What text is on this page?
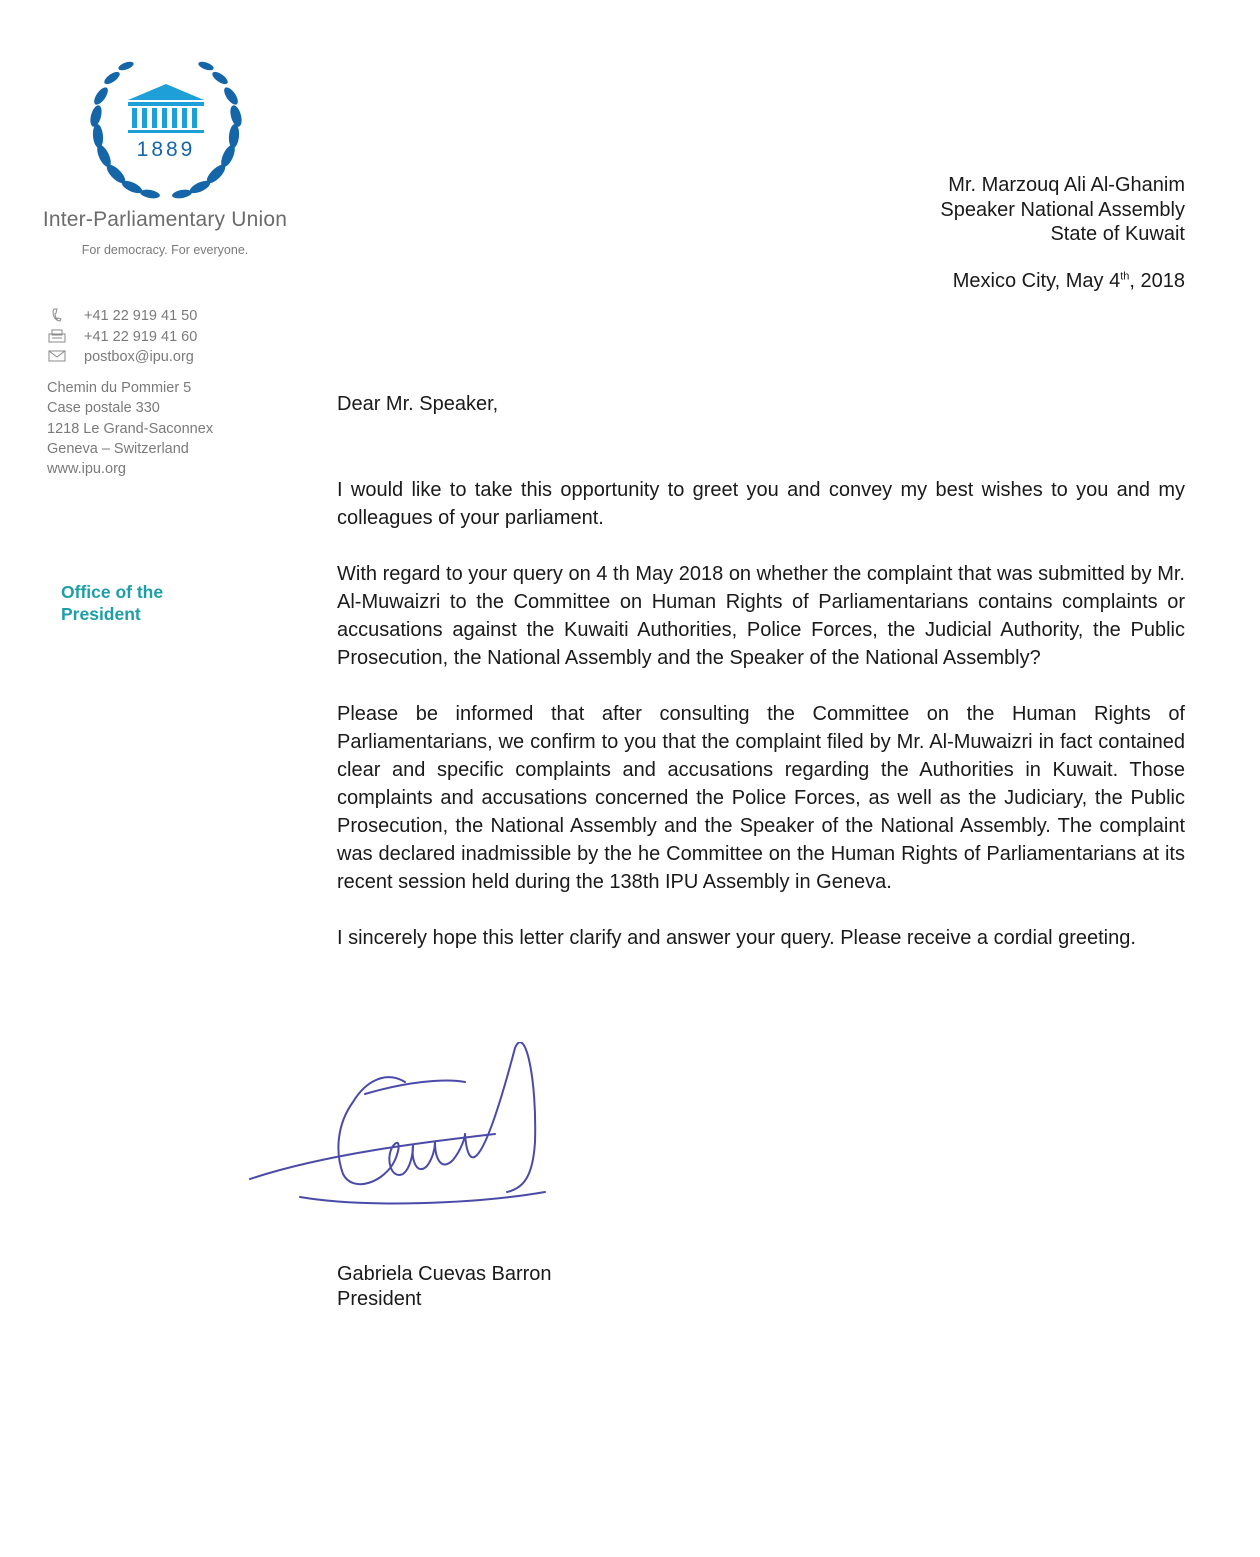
1889
Inter-Parliamentary Union
For democracy. For everyone.
+41 22 919 41 50
+41 22 919 41 60
postbox@ipu.org
Chemin du Pommier 5
Case postale 330
1218 Le Grand-Saconnex
Geneva – Switzerland
www.ipu.org
Office of the
President
Mr. Marzouq Ali Al-Ghanim
Speaker National Assembly
State of Kuwait
Mexico City, May 4th, 2018
Dear Mr. Speaker,

I would like to take this opportunity to greet you and convey my best wishes to you and my colleagues of your parliament.

With regard to your query on 4 th May 2018 on whether the complaint that was submitted by Mr. Al-Muwaizri to the Committee on Human Rights of Parliamentarians contains complaints or accusations against the Kuwaiti Authorities, Police Forces, the Judicial Authority, the Public Prosecution, the National Assembly and the Speaker of the National Assembly?

Please be informed that after consulting the Committee on the Human Rights of Parliamentarians, we confirm to you that the complaint filed by Mr. Al-Muwaizri in fact contained clear and specific complaints and accusations regarding the Authorities in Kuwait. Those complaints and accusations concerned the Police Forces, as well as the Judiciary, the Public Prosecution, the National Assembly and the Speaker of the National Assembly. The complaint was declared inadmissible by the he Committee on the Human Rights of Parliamentarians at its recent session held during the 138th IPU Assembly in Geneva.

I sincerely hope this letter clarify and answer your query. Please receive a cordial greeting.

Gabriela Cuevas Barron
President
